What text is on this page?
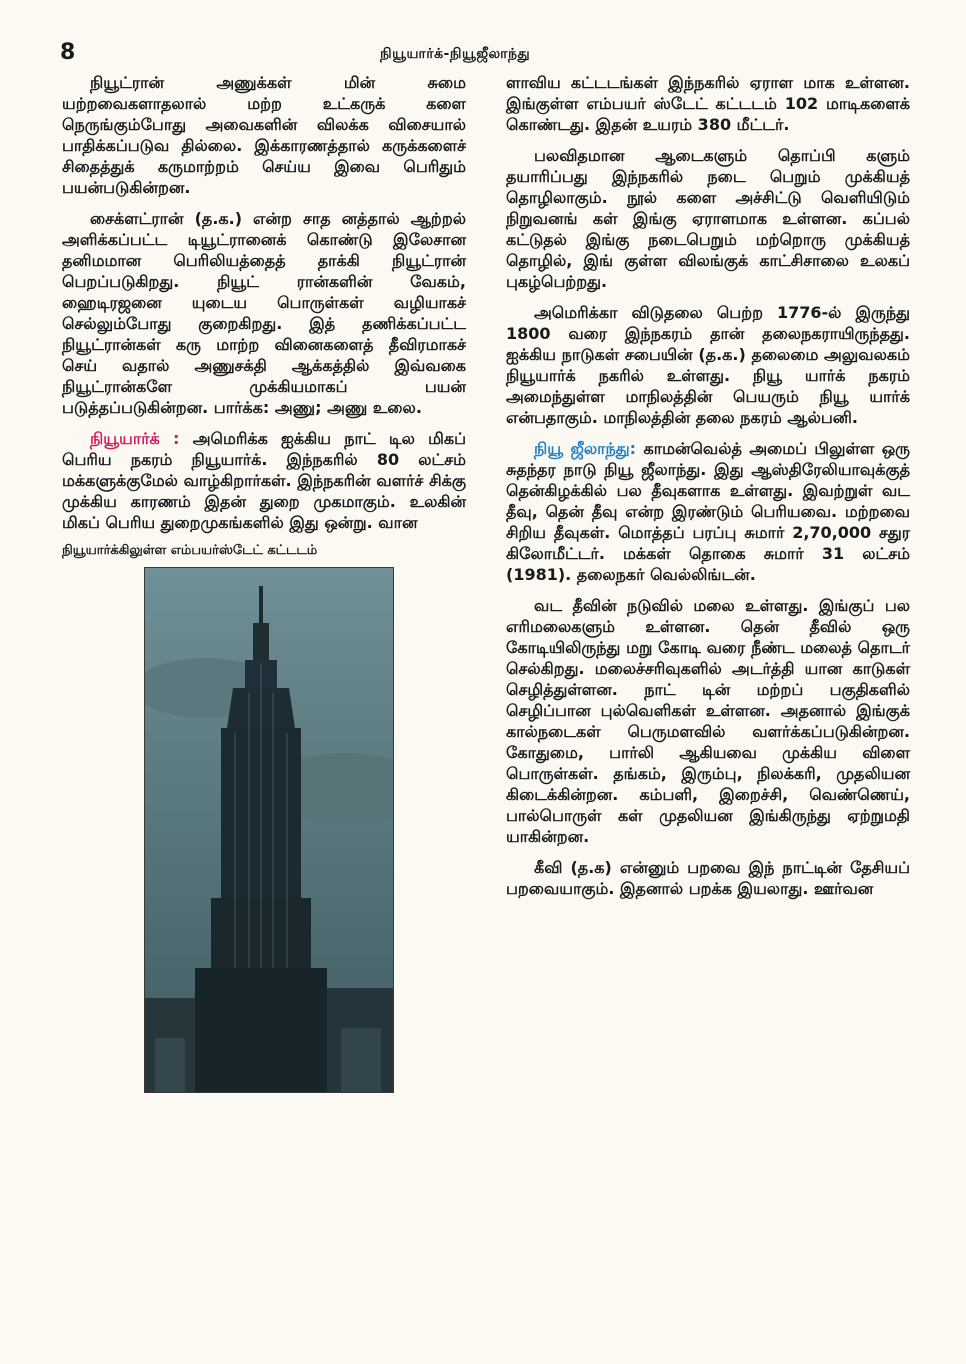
8	நியூயார்க்-நியூஜீலாந்து

நியூட்ரான் அணுக்கள் மின் சுமை யற்றவைகளாதலால் மற்ற உட்கருக் களை நெருங்கும்போது அவைகளின் விலக்க விசையால் பாதிக்கப்படுவ தில்லை. இக்காரணத்தால் கருக்களைச் சிதைத்துக் கருமாற்றம் செய்ய இவை பெரிதும் பயன்படுகின்றன.

சைக்ளட்ரான் (த.க.) என்ற சாத னத்தால் ஆற்றல் அளிக்கப்பட்ட டியூட்ரானைக் கொண்டு இலேசான தனிமமான பெரிலியத்தைத் தாக்கி நியூட்ரான் பெறப்படுகிறது. நியூட் ரான்களின் வேகம், ஹைடிரஜனை யுடைய பொருள்கள் வழியாகச் செல்லும்போது குறைகிறது. இத் தணிக்கப்பட்ட நியூட்ரான்கள் கரு மாற்ற வினைகளைத் தீவிரமாகச் செய் வதால் அணுசக்தி ஆக்கத்தில் இவ்வகை நியூட்ரான்களே முக்கியமாகப் பயன் படுத்தப்படுகின்றன. பார்க்க: அணு; அணு உலை.

நியூயார்க் : அமெரிக்க ஐக்கிய நாட் டில மிகப் பெரிய நகரம் நியூயார்க். இந்நகரில் 80 லட்சம் மக்களுக்குமேல் வாழ்கிறார்கள். இந்நகரின் வளர்ச் சிக்கு முக்கிய காரணம் இதன் துறை முகமாகும். உலகின் மிகப் பெரிய துறைமுகங்களில் இது ஒன்று. வான

நியூயார்க்கிலுள்ள எம்பயர்ஸ்டேட் கட்டடம்

ளாவிய கட்டடங்கள் இந்நகரில் ஏராள மாக உள்ளன. இங்குள்ள எம்பயர் ஸ்டேட் கட்டடம் 102 மாடிகளைக் கொண்டது. இதன் உயரம் 380 மீட்டர்.

பலவிதமான ஆடைகளும் தொப்பி களும் தயாரிப்பது இந்நகரில் நடை பெறும் முக்கியத் தொழிலாகும். நூல் களை அச்சிட்டு வெளியிடும் நிறுவனங் கள் இங்கு ஏராளமாக உள்ளன. கப்பல் கட்டுதல் இங்கு நடைபெறும் மற்றொரு முக்கியத் தொழில், இங் குள்ள விலங்குக் காட்சிசாலை உலகப் புகழ்பெற்றது.

அமெரிக்கா விடுதலை பெற்ற 1776-ல் இருந்து 1800 வரை இந்நகரம் தான் தலைநகராயிருந்தது. ஐக்கிய நாடுகள் சபையின் (த.க.) தலைமை அலுவலகம் நியூயார்க் நகரில் உள்ளது. நியூ யார்க் நகரம் அமைந்துள்ள மாநிலத்தின் பெயரும் நியூ யார்க் என்பதாகும். மாநிலத்தின் தலை நகரம் ஆல்பனி.

நியூ ஜீலாந்து: காமன்வெல்த் அமைப் பிலுள்ள ஒரு சுதந்தர நாடு நியூ ஜீலாந்து. இது ஆஸ்திரேலியாவுக்குத் தென்கிழக்கில் பல தீவுகளாக உள்ளது. இவற்றுள் வட தீவு, தென் தீவு என்ற இரண்டும் பெரியவை. மற்றவை சிறிய தீவுகள். மொத்தப் பரப்பு சுமார் 2,70,000 சதுர கிலோமீட்டர். மக்கள் தொகை சுமார் 31 லட்சம் (1981). தலைநகர் வெல்லிங்டன்.

வட தீவின் நடுவில் மலை உள்ளது. இங்குப் பல எரிமலைகளும் உள்ளன. தென் தீவில் ஒரு கோடியிலிருந்து மறு கோடி வரை நீண்ட மலைத் தொடர் செல்கிறது. மலைச்சரிவுகளில் அடர்த்தி யான காடுகள் செழித்துள்ளன. நாட் டின் மற்றப் பகுதிகளில் செழிப்பான புல்வெளிகள் உள்ளன. அதனால் இங்குக் கால்நடைகள் பெருமளவில் வளர்க்கப்படுகின்றன. கோதுமை, பார்லி ஆகியவை முக்கிய விளை பொருள்கள். தங்கம், இரும்பு, நிலக்கரி, முதலியன கிடைக்கின்றன. கம்பளி, இறைச்சி, வெண்ணெய், பால்பொருள் கள் முதலியன இங்கிருந்து ஏற்றுமதி யாகின்றன.

கீவி (த.க) என்னும் பறவை இந் நாட்டின் தேசியப் பறவையாகும். இதனால் பறக்க இயலாது. ஊர்வன
